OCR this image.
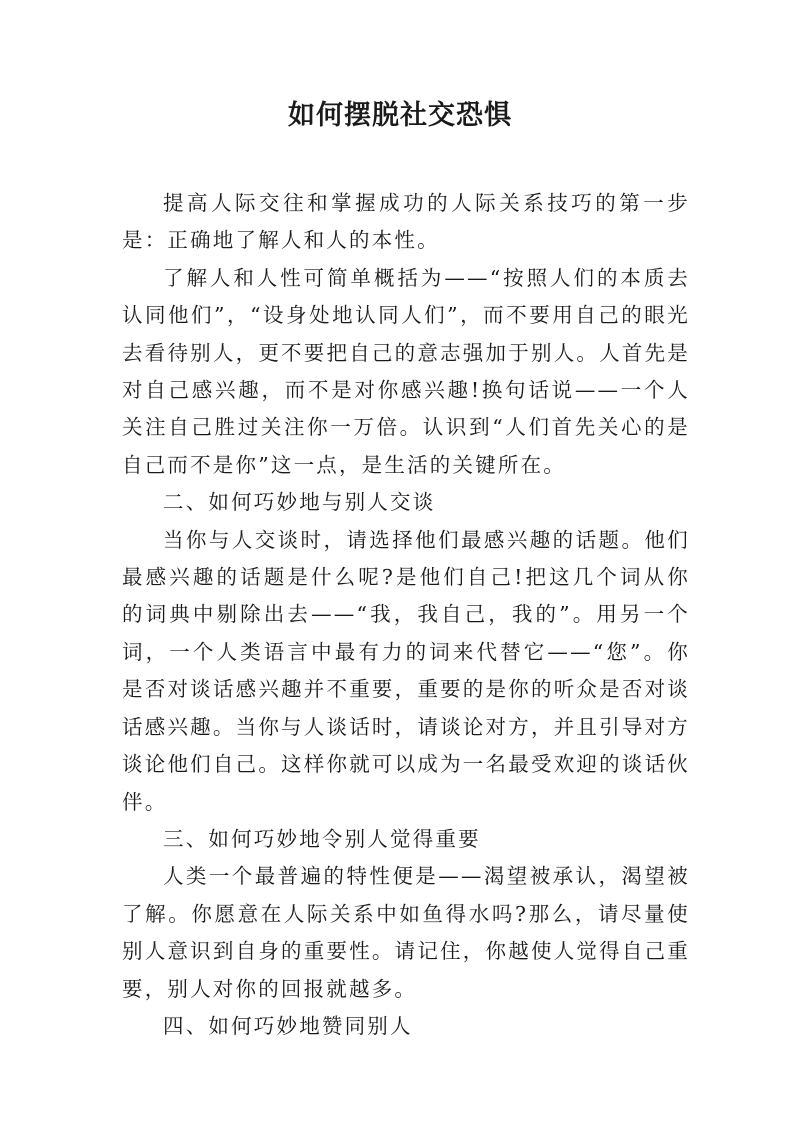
如何摆脱社交恐惧

提高人际交往和掌握成功的人际关系技巧的第一步是：正确地了解人和人的本性。

了解人和人性可简单概括为——“按照人们的本质去认同他们”，“设身处地认同人们”，而不要用自己的眼光去看待别人，更不要把自己的意志强加于别人。人首先是对自己感兴趣，而不是对你感兴趣!换句话说——一个人关注自己胜过关注你一万倍。认识到“人们首先关心的是自己而不是你”这一点，是生活的关键所在。

二、如何巧妙地与别人交谈

当你与人交谈时，请选择他们最感兴趣的话题。他们最感兴趣的话题是什么呢?是他们自己!把这几个词从你的词典中剔除出去——“我，我自己，我的”。用另一个词，一个人类语言中最有力的词来代替它——“您”。你是否对谈话感兴趣并不重要，重要的是你的听众是否对谈话感兴趣。当你与人谈话时，请谈论对方，并且引导对方谈论他们自己。这样你就可以成为一名最受欢迎的谈话伙伴。

三、如何巧妙地令别人觉得重要

人类一个最普遍的特性便是——渴望被承认，渴望被了解。你愿意在人际关系中如鱼得水吗?那么，请尽量使别人意识到自身的重要性。请记住，你越使人觉得自己重要，别人对你的回报就越多。

四、如何巧妙地赞同别人
